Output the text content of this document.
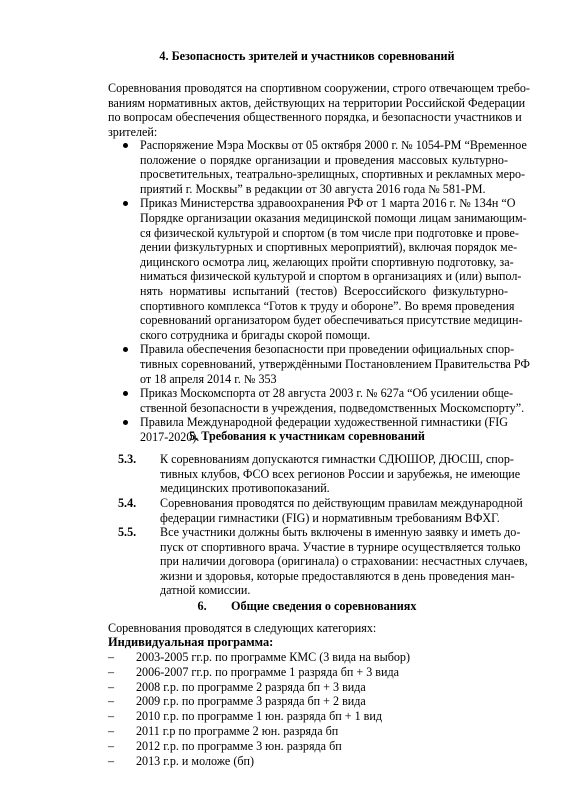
4. Безопасность зрителей и участников соревнований
Соревнования проводятся на спортивном сооружении, строго отвечающем требо-
ваниям нормативных актов, действующих на территории Российской Федерации
по вопросам обеспечения общественного порядка, и безопасности участников и
зрителей:
Распоряжение Мэра Москвы от 05 октября 2000 г. № 1054-РМ “Временное
положение о порядке организации и проведения массовых культурно-
просветительных, театрально-зрелищных, спортивных и рекламных меро-
приятий г. Москвы” в редакции от 30 августа 2016 года № 581-РМ.
Приказ Министерства здравоохранения РФ от 1 марта 2016 г. № 134н “О
Порядке организации оказания медицинской помощи лицам занимающим-
ся физической культурой и спортом (в том числе при подготовке и прове-
дении физкультурных и спортивных мероприятий), включая порядок ме-
дицинского осмотра лиц, желающих пройти спортивную подготовку, за-
ниматься физической культурой и спортом в организациях и (или) выпол-
нять нормативы испытаний (тестов) Всероссийского физкультурно-
спортивного комплекса “Готов к труду и обороне”. Во время проведения
соревнований организатором будет обеспечиваться присутствие медицин-
ского сотрудника и бригады скорой помощи.
Правила обеспечения безопасности при проведении официальных спор-
тивных соревнований, утверждёнными Постановлением Правительства РФ
от 18 апреля 2014 г. № 353
Приказ Москомспорта от 28 августа 2003 г. № 627а “Об усилении обще-
ственной безопасности в учреждения, подведомственных Москомспорту”.
Правила Международной федерации художественной гимнастики (FIG
2017-2020).
5. Требования к участникам соревнований
5.3. К соревнованиям допускаются гимнастки СДЮШОР, ДЮСШ, спор-
тивных клубов, ФСО всех регионов России и зарубежья, не имеющие
медицинских противопоказаний.
5.4. Соревнования проводятся по действующим правилам международной
федерации гимнастики (FIG) и нормативным требованиям ВФХГ.
5.5. Все участники должны быть включены в именную заявку и иметь до-
пуск от спортивного врача. Участие в турнире осуществляется только
при наличии договора (оригинала) о страховании: несчастных случаев,
жизни и здоровья, которые предоставляются в день проведения ман-
датной комиссии.
6.        Общие сведения о соревнованиях
Соревнования проводятся в следующих категориях:
Индивидуальная программа:
– 2003-2005 гг.р. по программе КМС (3 вида на выбор)
– 2006-2007 гг.р. по программе 1 разряда бп + 3 вида
– 2008 г.р. по программе 2 разряда бп + 3 вида
– 2009 г.р. по программе 3 разряда бп + 2 вида
– 2010 г.р. по программе 1 юн. разряда бп + 1 вид
– 2011 г.р по программе 2 юн. разряда бп
– 2012 г.р. по программе 3 юн. разряда бп
– 2013 г.р. и моложе (бп)
